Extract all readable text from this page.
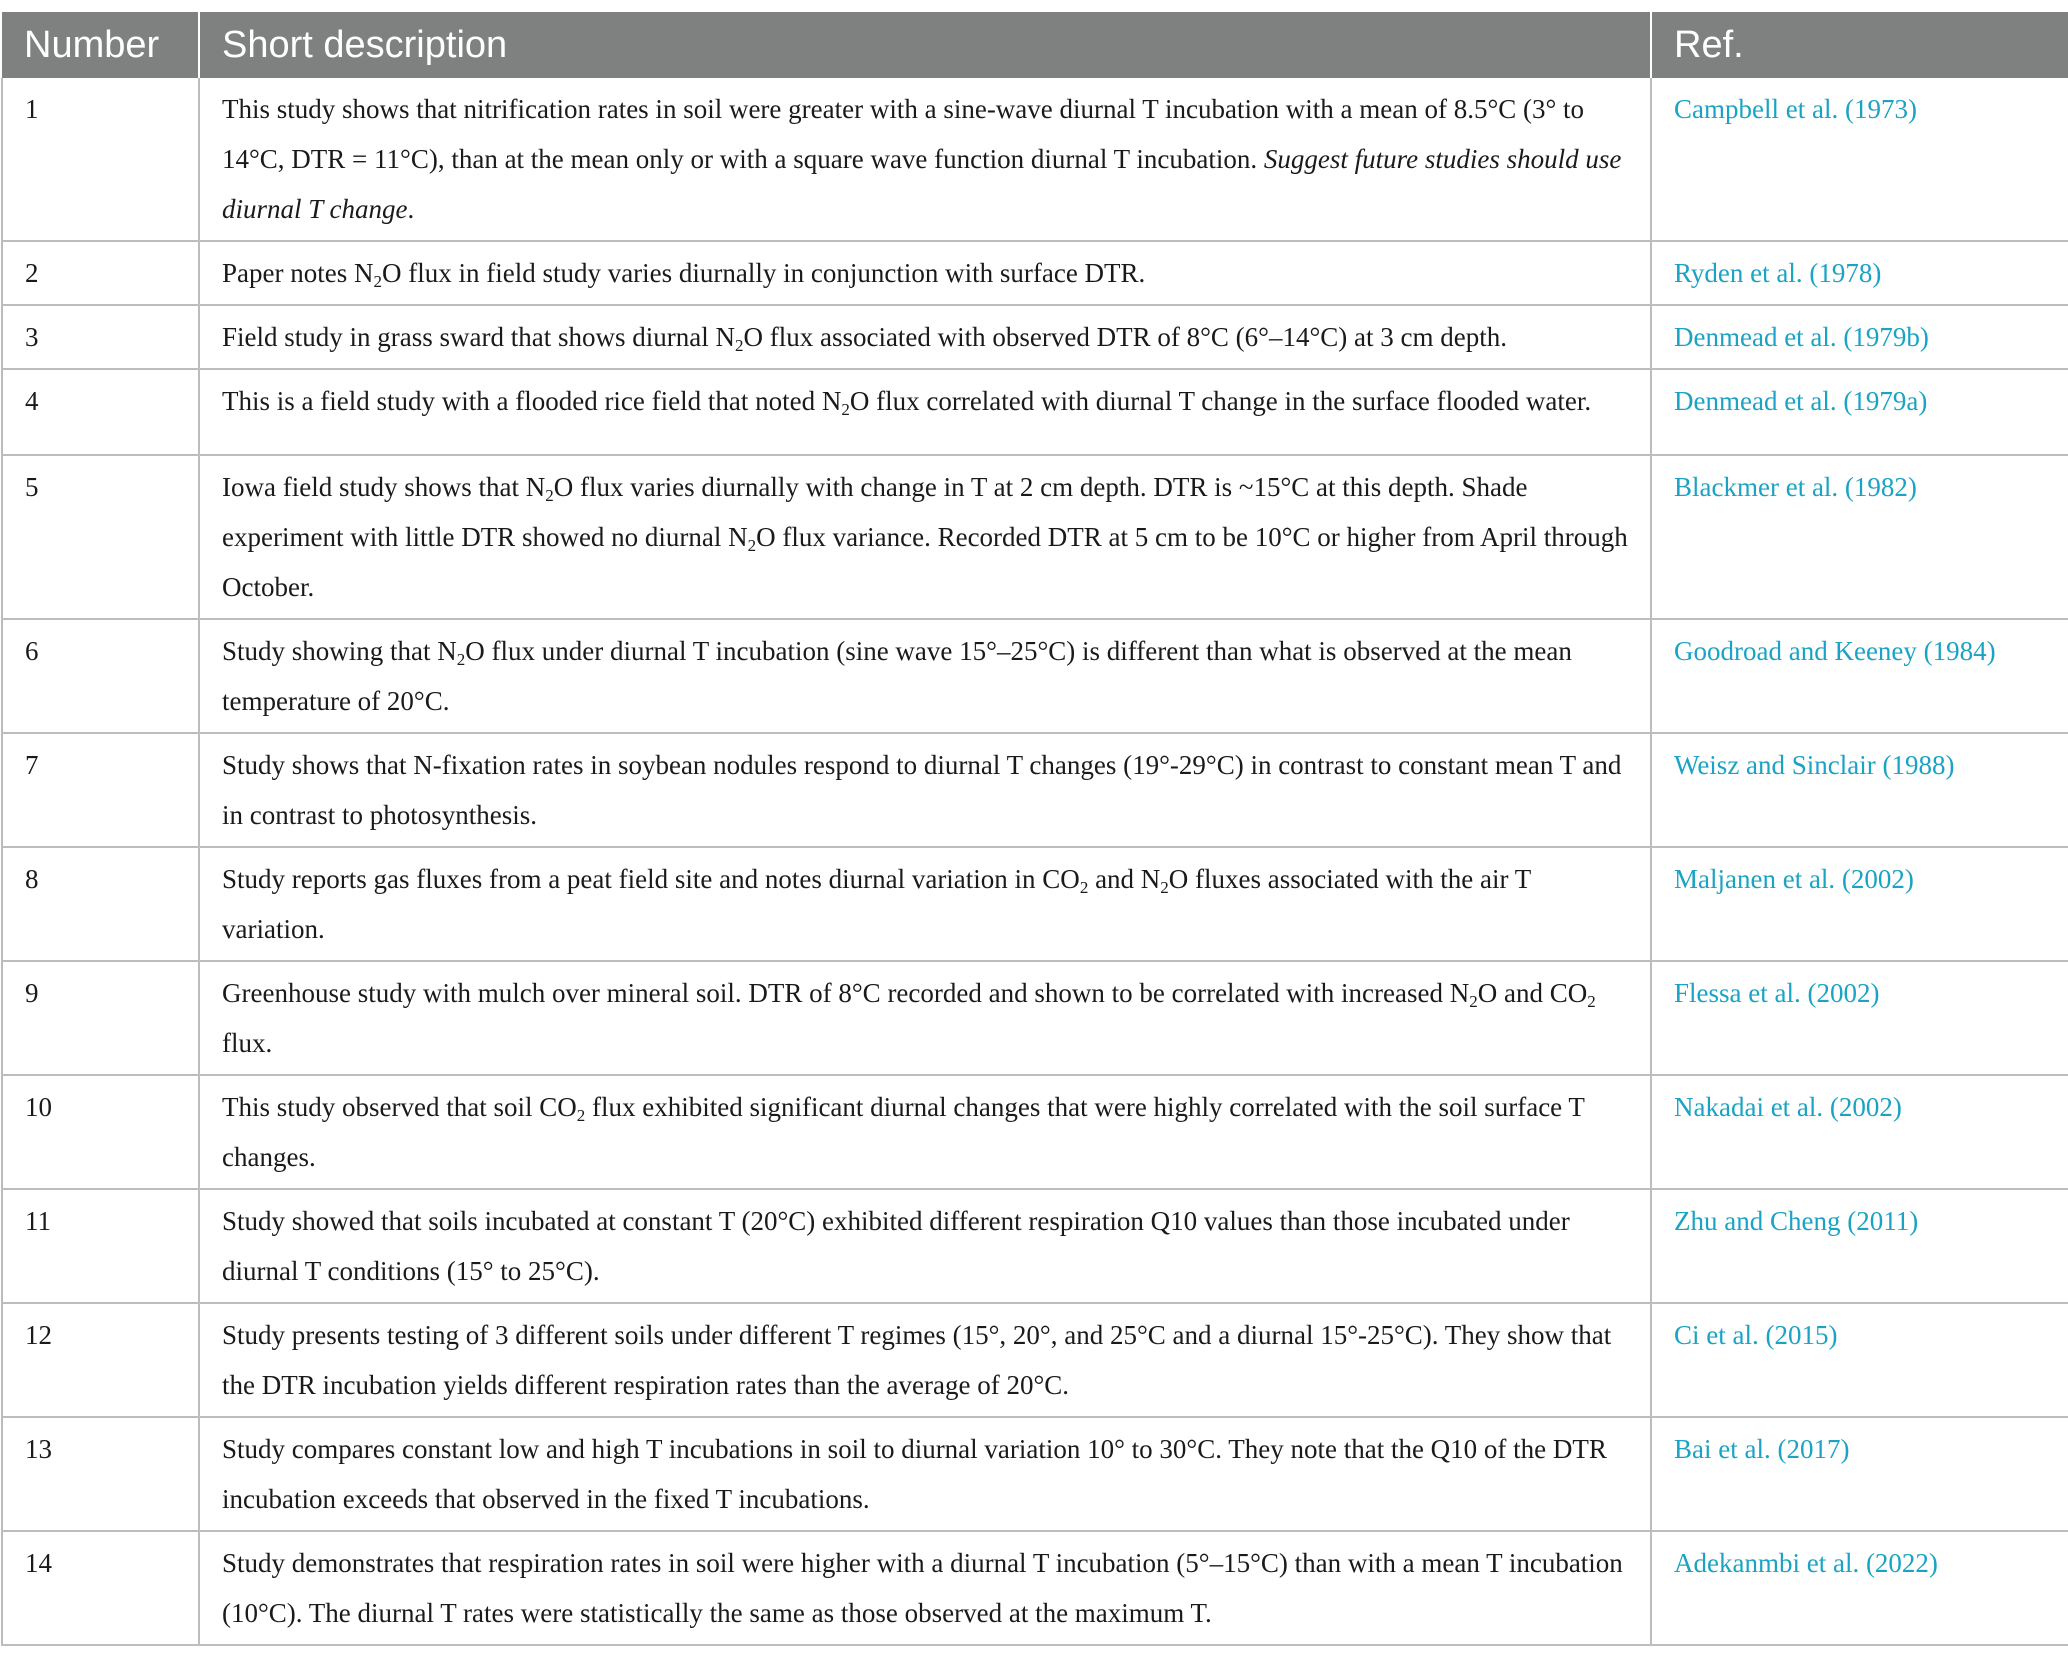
Number	Short description	Ref.
1	This study shows that nitrification rates in soil were greater with a sine-wave diurnal T incubation with a mean of 8.5°C (3° to 14°C, DTR = 11°C), than at the mean only or with a square wave function diurnal T incubation. Suggest future studies should use diurnal T change.	Campbell et al. (1973)
2	Paper notes $N_2O$ flux in field study varies diurnally in conjunction with surface DTR.	Ryden et al. (1978)
3	Field study in grass sward that shows diurnal $N_2O$ flux associated with observed DTR of 8°C (6°–14°C) at 3 cm depth.	Denmead et al. (1979b)
4	This is a field study with a flooded rice field that noted $N_2O$ flux correlated with diurnal T change in the surface flooded water.	Denmead et al. (1979a)
5	Iowa field study shows that $N_2O$ flux varies diurnally with change in T at 2 cm depth. DTR is ~15°C at this depth. Shade experiment with little DTR showed no diurnal $N_2O$ flux variance. Recorded DTR at 5 cm to be 10°C or higher from April through October.	Blackmer et al. (1982)
6	Study showing that $N_2O$ flux under diurnal T incubation (sine wave 15°–25°C) is different than what is observed at the mean temperature of 20°C.	Goodroad and Keeney (1984)
7	Study shows that N-fixation rates in soybean nodules respond to diurnal T changes (19°-29°C) in contrast to constant mean T and in contrast to photosynthesis.	Weisz and Sinclair (1988)
8	Study reports gas fluxes from a peat field site and notes diurnal variation in $CO_2$ and $N_2O$ fluxes associated with the air T variation.	Maljanen et al. (2002)
9	Greenhouse study with mulch over mineral soil. DTR of 8°C recorded and shown to be correlated with increased $N_2O$ and $CO_2$ flux.	Flessa et al. (2002)
10	This study observed that soil $CO_2$ flux exhibited significant diurnal changes that were highly correlated with the soil surface T changes.	Nakadai et al. (2002)
11	Study showed that soils incubated at constant T (20°C) exhibited different respiration Q10 values than those incubated under diurnal T conditions (15° to 25°C).	Zhu and Cheng (2011)
12	Study presents testing of 3 different soils under different T regimes (15°, 20°, and 25°C and a diurnal 15°-25°C). They show that the DTR incubation yields different respiration rates than the average of 20°C.	Ci et al. (2015)
13	Study compares constant low and high T incubations in soil to diurnal variation 10° to 30°C. They note that the Q10 of the DTR incubation exceeds that observed in the fixed T incubations.	Bai et al. (2017)
14	Study demonstrates that respiration rates in soil were higher with a diurnal T incubation (5°–15°C) than with a mean T incubation (10°C). The diurnal T rates were statistically the same as those observed at the maximum T.	Adekanmbi et al. (2022)
